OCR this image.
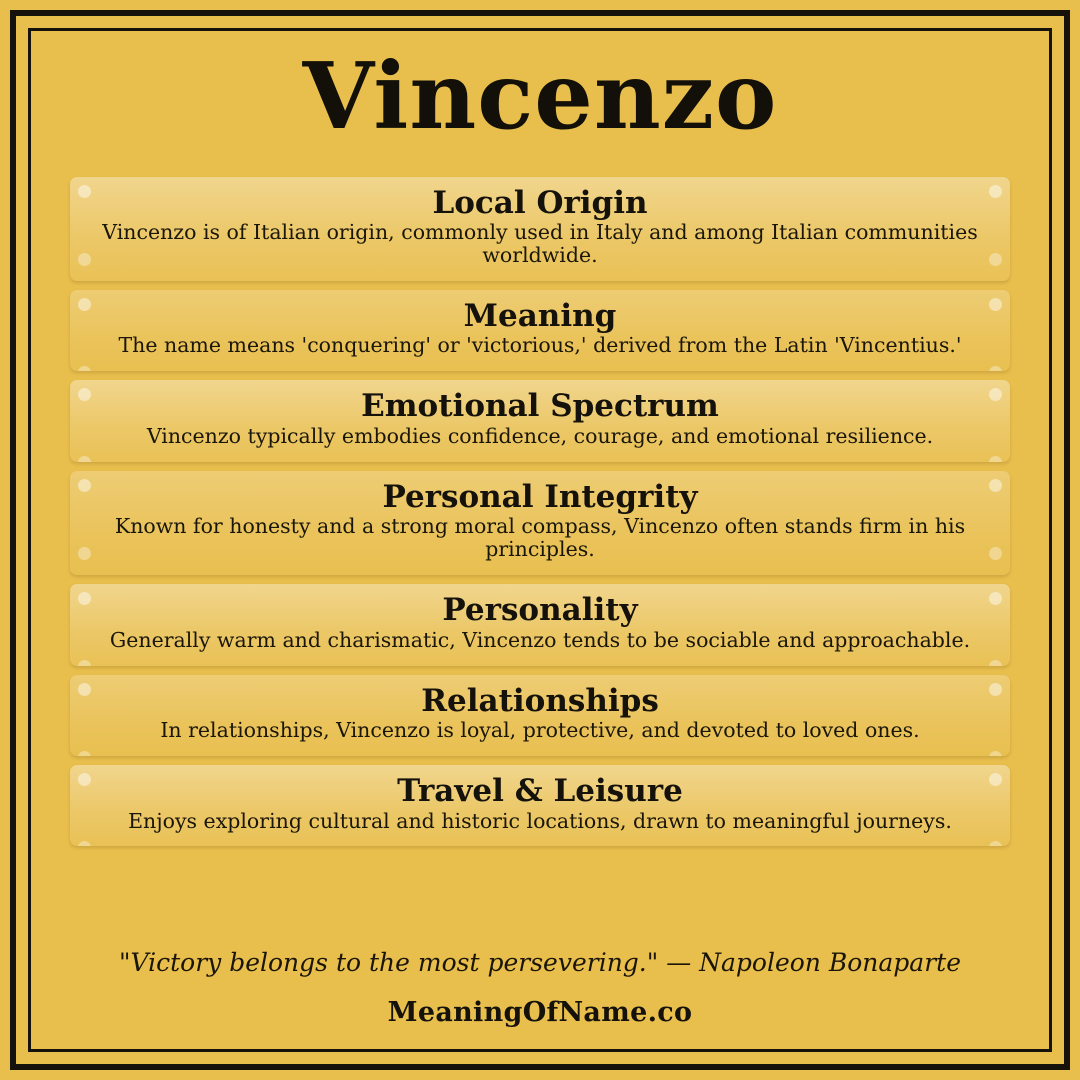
Vincenzo
Local Origin
Vincenzo is of Italian origin, commonly used in Italy and among Italian communities worldwide.
Meaning
The name means 'conquering' or 'victorious,' derived from the Latin 'Vincentius.'
Emotional Spectrum
Vincenzo typically embodies confidence, courage, and emotional resilience.
Personal Integrity
Known for honesty and a strong moral compass, Vincenzo often stands firm in his principles.
Personality
Generally warm and charismatic, Vincenzo tends to be sociable and approachable.
Relationships
In relationships, Vincenzo is loyal, protective, and devoted to loved ones.
Travel & Leisure
Enjoys exploring cultural and historic locations, drawn to meaningful journeys.
"Victory belongs to the most persevering." — Napoleon Bonaparte
MeaningOfName.co
